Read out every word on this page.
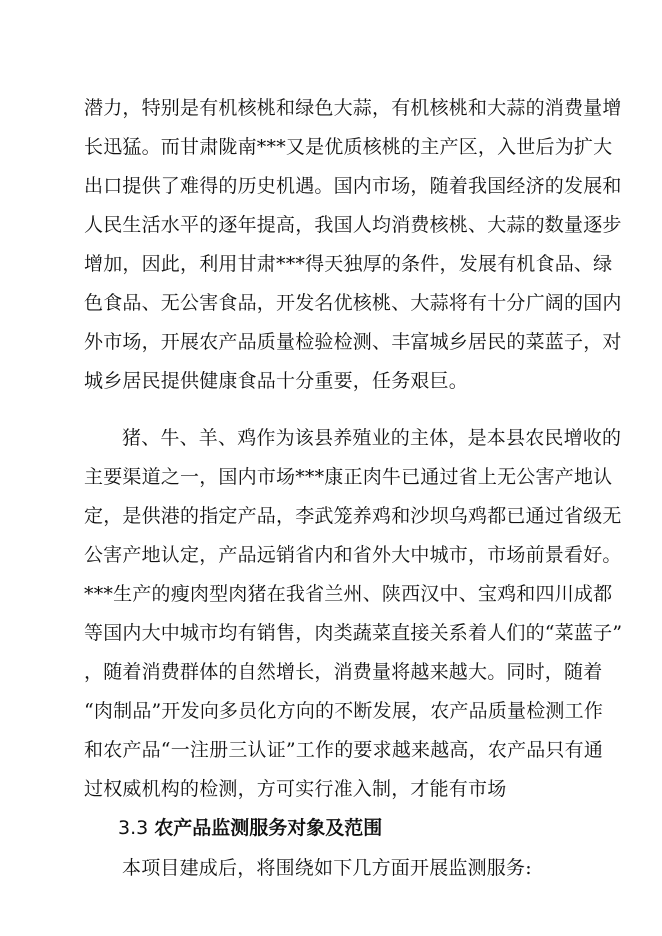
潜力，特别是有机核桃和绿色大蒜，有机核桃和大蒜的消费量增
长迅猛。而甘肃陇南***又是优质核桃的主产区，入世后为扩大
出口提供了难得的历史机遇。国内市场，随着我国经济的发展和
人民生活水平的逐年提高，我国人均消费核桃、大蒜的数量逐步
增加，因此，利用甘肃***得天独厚的条件，发展有机食品、绿
色食品、无公害食品，开发名优核桃、大蒜将有十分广阔的国内
外市场，开展农产品质量检验检测、丰富城乡居民的菜蓝子，对
城乡居民提供健康食品十分重要，任务艰巨。
猪、牛、羊、鸡作为该县养殖业的主体，是本县农民增收的
主要渠道之一，国内市场***康正肉牛已通过省上无公害产地认
定，是供港的指定产品，李武笼养鸡和沙坝乌鸡都已通过省级无
公害产地认定，产品远销省内和省外大中城市，市场前景看好。
***生产的瘦肉型肉猪在我省兰州、陕西汉中、宝鸡和四川成都
等国内大中城市均有销售，肉类蔬菜直接关系着人们的“菜蓝子”
，随着消费群体的自然增长，消费量将越来越大。同时，随着
“肉制品”开发向多员化方向的不断发展，农产品质量检测工作
和农产品“一注册三认证”工作的要求越来越高，农产品只有通
过权威机构的检测，方可实行准入制，才能有市场
3.3 农产品监测服务对象及范围
本项目建成后，将围绕如下几方面开展监测服务:
